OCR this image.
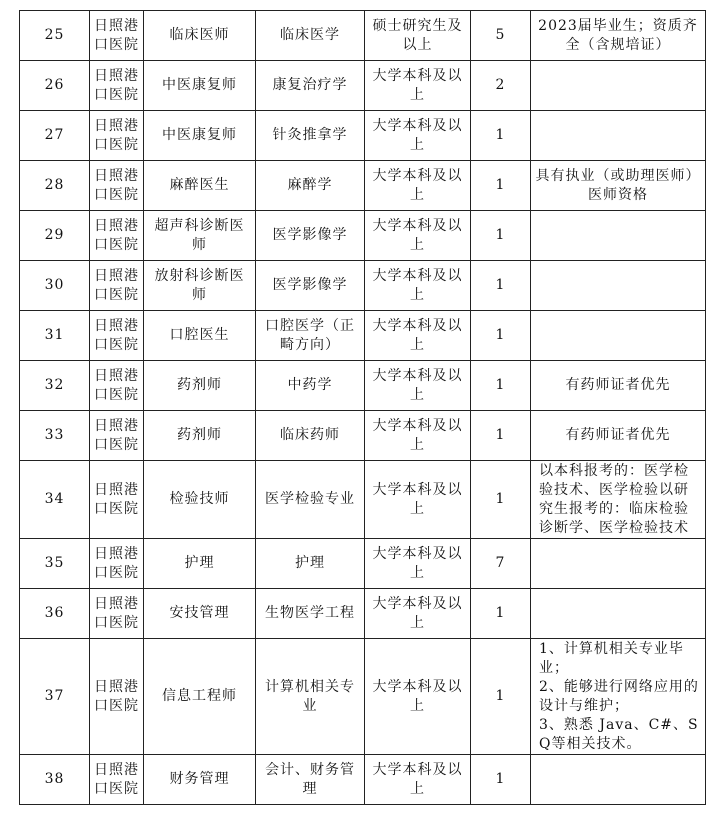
25	日照港口医院	临床医师	临床医学	硕士研究生及以上	5	2023届毕业生；资质齐全（含规培证）

26	日照港口医院	中医康复师	康复治疗学	大学本科及以上	2	
27	日照港口医院	中医康复师	针灸推拿学	大学本科及以上	1	
28	日照港口医院	麻醉医生	麻醉学	大学本科及以上	1	具有执业（或助理医师）医师资格

29	日照港口医院	超声科诊断医师	医学影像学	大学本科及以上	1	
30	日照港口医院	放射科诊断医师	医学影像学	大学本科及以上	1	
31	日照港口医院	口腔医生	口腔医学（正畸方向）	大学本科及以上	1	
32	日照港口医院	药剂师	中药学	大学本科及以上	1	有药师证者优先

33	日照港口医院	药剂师	临床药师	大学本科及以上	1	有药师证者优先

34	日照港口医院	检验技师	医学检验专业	大学本科及以上	1	以本科报考的：医学检验技术、医学检验以研究生报考的：临床检验诊断学、医学检验技术

35	日照港口医院	护理	护理	大学本科及以上	7	
36	日照港口医院	安技管理	生物医学工程	大学本科及以上	1	
37	日照港口医院	信息工程师	计算机相关专业	大学本科及以上	1	1、计算机相关专业毕业；
2、能够进行网络应用的设计与维护；
3、熟悉 Java、C#、SQ等相关技术。

38	日照港口医院	财务管理	会计、财务管理	大学本科及以上	1	
